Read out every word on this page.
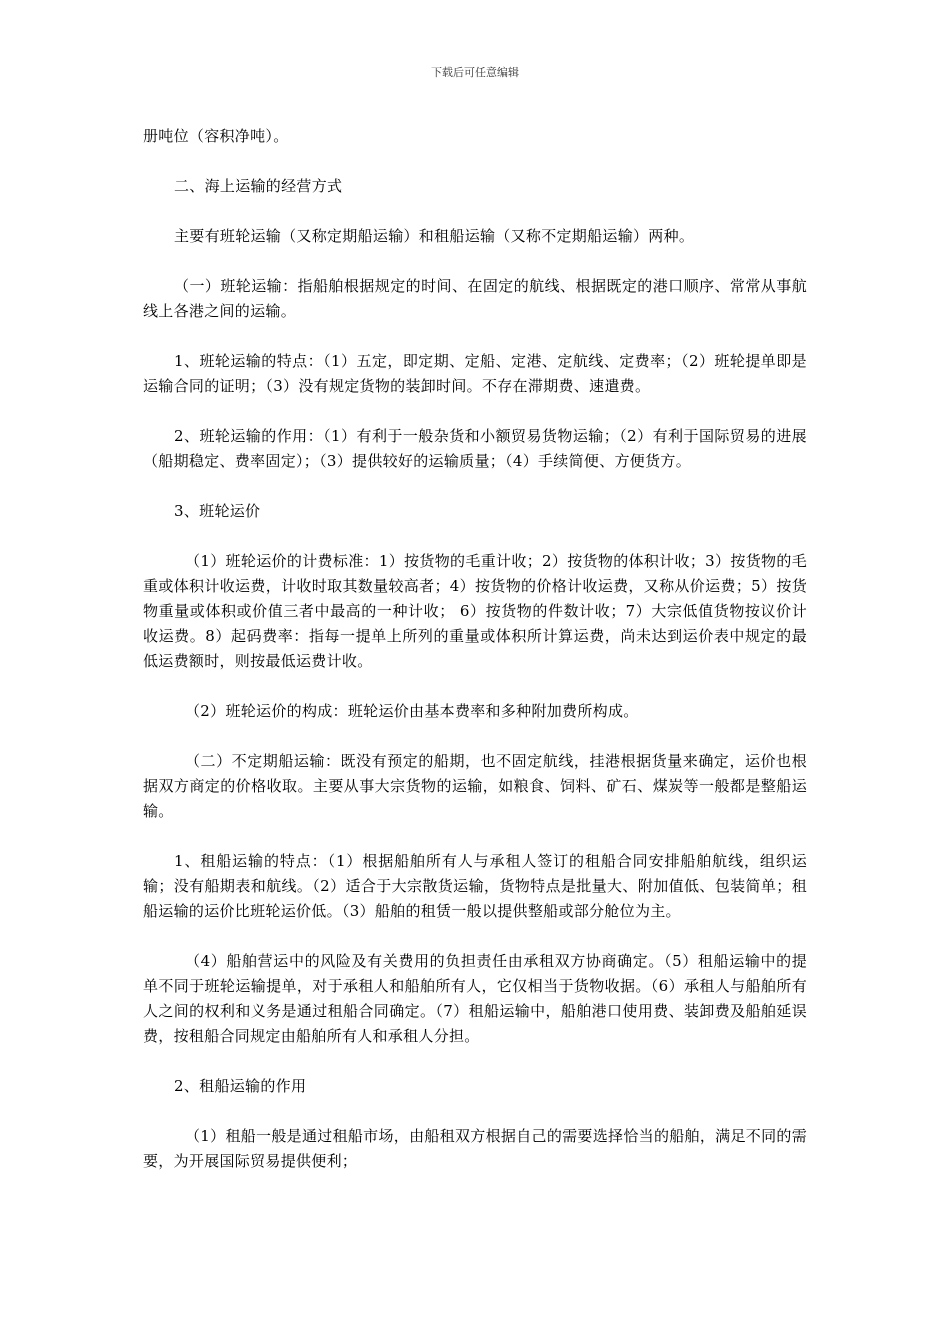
下载后可任意编辑

册吨位（容积净吨）。

二、海上运输的经营方式

主要有班轮运输（又称定期船运输）和租船运输（又称不定期船运输）两种。

（一）班轮运输：指船舶根据规定的时间、在固定的航线、根据既定的港口顺序、常常从事航线上各港之间的运输。

1、班轮运输的特点：（1）五定，即定期、定船、定港、定航线、定费率；（2）班轮提单即是运输合同的证明；（3）没有规定货物的装卸时间。不存在滞期费、速遣费。

2、班轮运输的作用：（1）有利于一般杂货和小额贸易货物运输；（2）有利于国际贸易的进展（船期稳定、费率固定）；（3）提供较好的运输质量；（4）手续简便、方便货方。

3、班轮运价

（1）班轮运价的计费标准：1）按货物的毛重计收；2）按货物的体积计收；3）按货物的毛重或体积计收运费，计收时取其数量较高者；4）按货物的价格计收运费，又称从价运费；5）按货物重量或体积或价值三者中最高的一种计收； 6）按货物的件数计收；7）大宗低值货物按议价计收运费。8）起码费率：指每一提单上所列的重量或体积所计算运费，尚未达到运价表中规定的最低运费额时，则按最低运费计收。

（2）班轮运价的构成：班轮运价由基本费率和多种附加费所构成。

（二）不定期船运输：既没有预定的船期，也不固定航线，挂港根据货量来确定，运价也根据双方商定的价格收取。主要从事大宗货物的运输，如粮食、饲料、矿石、煤炭等一般都是整船运输。

1、租船运输的特点：（1）根据船舶所有人与承租人签订的租船合同安排船舶航线，组织运输；没有船期表和航线。（2）适合于大宗散货运输，货物特点是批量大、附加值低、包装简单；租船运输的运价比班轮运价低。（3）船舶的租赁一般以提供整船或部分舱位为主。

（4）船舶营运中的风险及有关费用的负担责任由承租双方协商确定。（5）租船运输中的提单不同于班轮运输提单，对于承租人和船舶所有人，它仅相当于货物收据。（6）承租人与船舶所有人之间的权利和义务是通过租船合同确定。（7）租船运输中，船舶港口使用费、装卸费及船舶延误费，按租船合同规定由船舶所有人和承租人分担。

2、租船运输的作用

（1）租船一般是通过租船市场，由船租双方根据自己的需要选择恰当的船舶，满足不同的需要，为开展国际贸易提供便利；
